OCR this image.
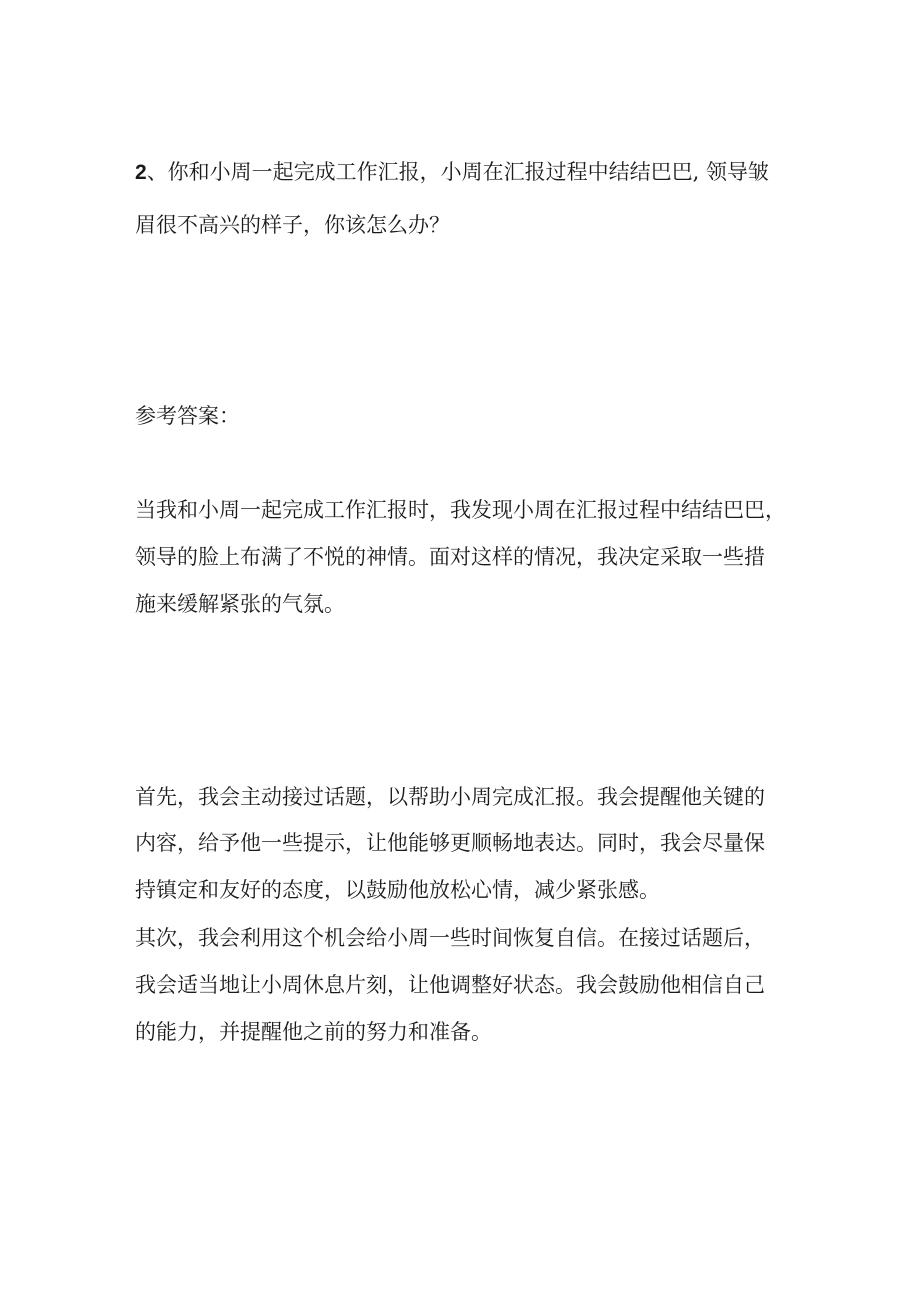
2、你和小周一起完成工作汇报，小周在汇报过程中结结巴巴, 领导皱
眉很不高兴的样子，你该怎么办？
参考答案：
当我和小周一起完成工作汇报时，我发现小周在汇报过程中结结巴巴，
领导的脸上布满了不悦的神情。面对这样的情况，我决定采取一些措
施来缓解紧张的气氛。
首先，我会主动接过话题，以帮助小周完成汇报。我会提醒他关键的
内容，给予他一些提示，让他能够更顺畅地表达。同时，我会尽量保
持镇定和友好的态度，以鼓励他放松心情，减少紧张感。
其次，我会利用这个机会给小周一些时间恢复自信。在接过话题后，
我会适当地让小周休息片刻，让他调整好状态。我会鼓励他相信自己
的能力，并提醒他之前的努力和准备。
